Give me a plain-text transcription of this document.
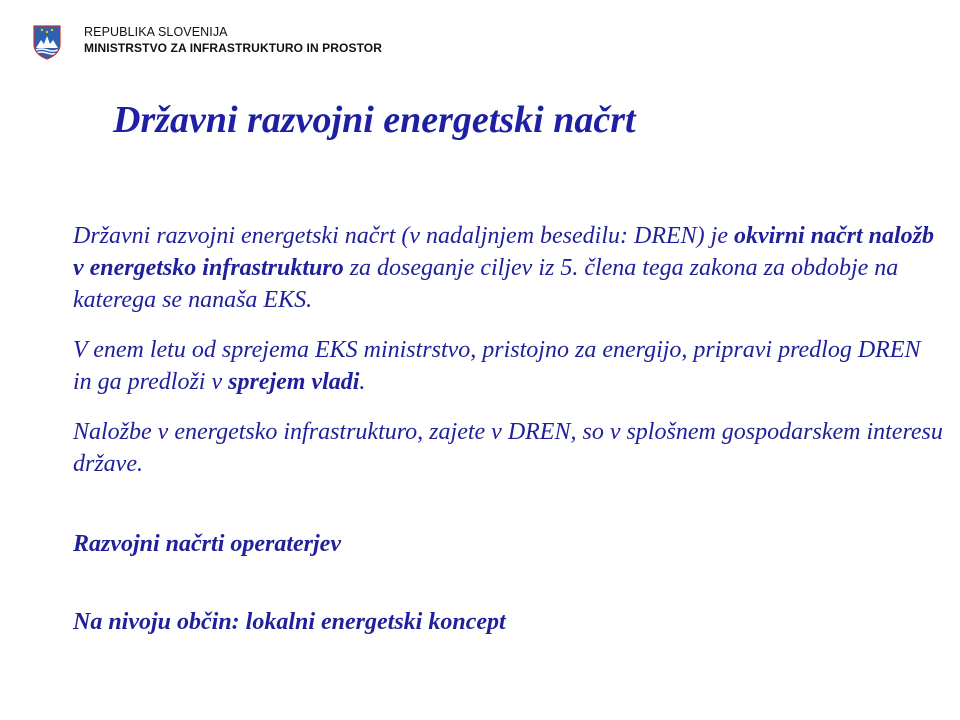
REPUBLIKA SLOVENIJA
MINISTRSTVO ZA INFRASTRUKTURO IN PROSTOR
Državni razvojni energetski načrt

Državni razvojni energetski načrt (v nadaljnjem besedilu: DREN) je okvirni načrt naložb v energetsko infrastrukturo za doseganje ciljev iz 5. člena tega zakona za obdobje na katerega se nanaša EKS.

V enem letu od sprejema EKS ministrstvo, pristojno za energijo, pripravi predlog DREN in ga predloži v sprejem vladi.

Naložbe v energetsko infrastrukturo, zajete v DREN, so v splošnem gospodarskem interesu države.

Razvojni načrti operaterjev

Na nivoju občin: lokalni energetski koncept
